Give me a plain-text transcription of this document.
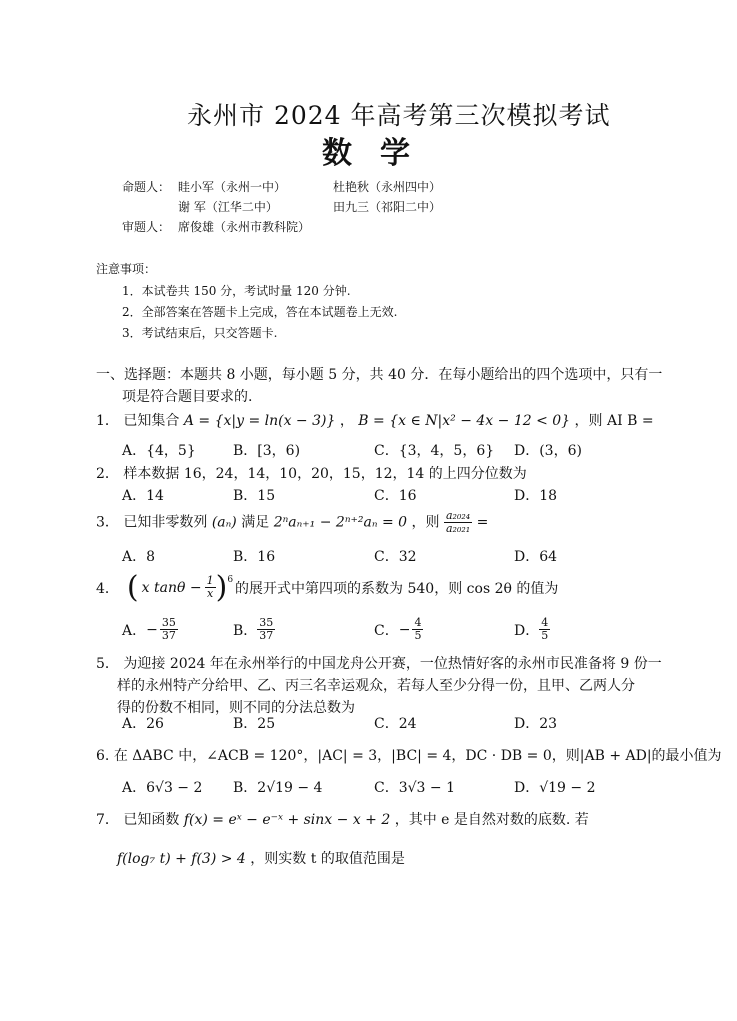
永州市 2024 年高考第三次模拟考试
数学
命题人： 眭小军（永州一中）	杜艳秋（永州四中）
谢 军（江华二中）	田九三（祁阳二中）
审题人： 席俊雄（永州市教科院）
注意事项：
1．本试卷共 150 分，考试时量 120 分钟.
2．全部答案在答题卡上完成，答在本试题卷上无效.
3．考试结束后，只交答题卡.
一、选择题：本题共 8 小题，每小题 5 分，共 40 分．在每小题给出的四个选项中，只有一
项是符合题目要求的.
1． 已知集合 A = {x|y = ln(x − 3)} ， B = {x ∈ N|x² − 4x − 12 < 0} ，则 AI B =
A．{4，5}	B．[3，6)	C．{3，4，5，6} D．(3，6)
2． 样本数据 16，24，14，10，20，15，12，14 的上四分位数为
A．14	B．15	C．16	D．18
3． 已知非零数列 (aₙ) 满足 2ⁿaₙ₊₁ − 2ⁿ⁺²aₙ = 0 ，则 $\frac{\text{a₂₀₂₄}}{\text{a₂₀₂₁}}$ =
A．8	B．16	C．32	D．64
4． ( x $\tan\theta - \frac{1}{x} )^6$
的展开式中第四项的系数为 540，则 cos 2θ 的值为
A． − $\frac{35}{37}$	B． $\frac{35}{37}$	C． − $\frac{4}{5}$	D． $\frac{4}{5}$
5． 为迎接 2024 年在永州举行的中国龙舟公开赛，一位热情好客的永州市民准备将 9 份一
样的永州特产分给甲、乙、丙三名幸运观众，若每人至少分得一份，且甲、乙两人分
得的份数不相同，则不同的分法总数为
A．26	B．25	C．24	D．23
6. 在 ΔABC 中，∠ACB = 120°，|AC| = 3，|BC| = 4，DC · DB = 0，则|AB + AD|的最小值为
A．6√3 − 2 B．2√19 − 4	C．3√3 − 1	D．√19 − 2
7． 已知函数 f(x) = eˣ − e⁻ˣ + sinx − x + 2 ，其中 e 是自然对数的底数. 若
f(log₇ t) + f(3) > 4 ，则实数 t 的取值范围是
